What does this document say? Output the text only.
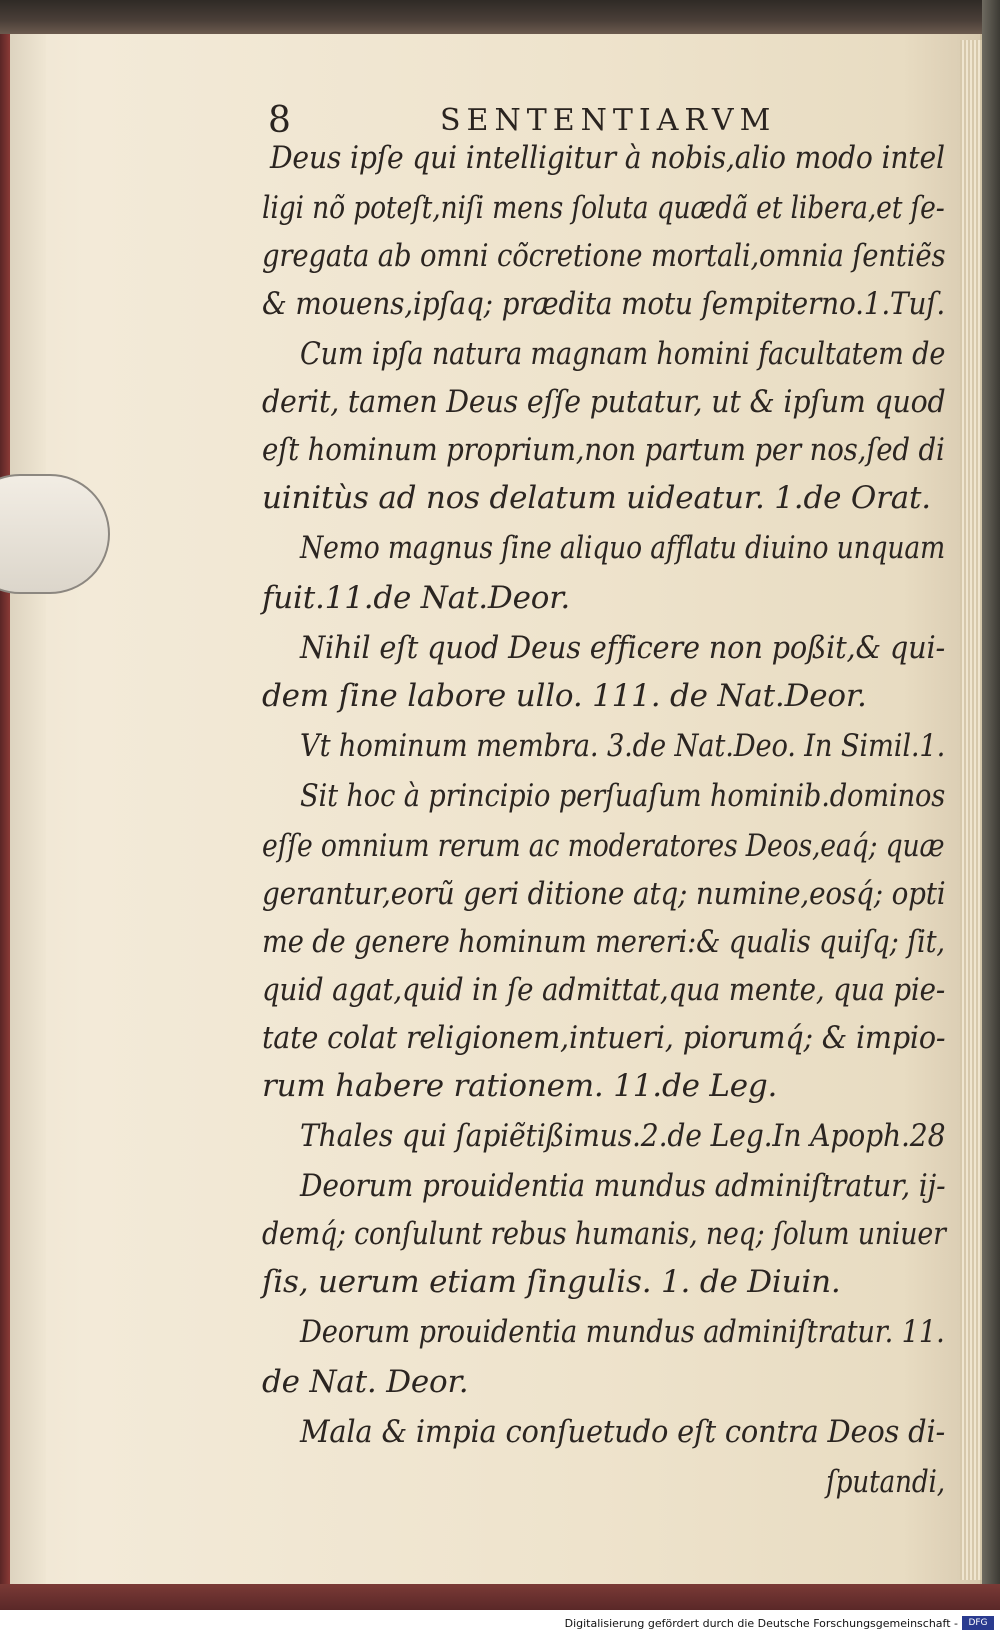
8	SENTENTIARVM
Deus ipſe qui intelligitur à nobis,alio modo intel
ligi nõ poteſt,niſi mens ſoluta quædã et libera,et ſe-
gregata ab omni cõcretione mortali,omnia ſentiẽs
& mouens,ipſaq; prædita motu ſempiterno.1.Tuſ.
Cum ipſa natura magnam homini facultatem de
derit, tamen Deus eſſe putatur, ut & ipſum quod
eſt hominum proprium,non partum per nos,ſed di
uinitùs ad nos delatum uideatur. 1.de Orat.
Nemo magnus ſine aliquo afflatu diuino unquam
fuit.11.de Nat.Deor.
Nihil eſt quod Deus efficere non poßit,& qui-
dem ſine labore ullo. 111. de Nat.Deor.
Vt hominum membra. 3.de Nat.Deo. In Simil.1.
Sit hoc à principio perſuaſum hominib.dominos
eſſe omnium rerum ac moderatores Deos,eaq́; quæ
gerantur,eorũ geri ditione atq; numine,eosq́; opti
me de genere hominum mereri:& qualis quiſq; ſit,
quid agat,quid in ſe admittat,qua mente, qua pie-
tate colat religionem,intueri, piorumq́; & impio-
rum habere rationem. 11.de Leg.
Thales qui ſapiẽtißimus.2.de Leg.In Apoph.28
Deorum prouidentia mundus adminiſtratur, ij-
demq́; conſulunt rebus humanis, neq; ſolum uniuer
ſis, uerum etiam ſingulis. 1. de Diuin.
Deorum prouidentia mundus adminiſtratur. 11.
de Nat. Deor.
Mala & impia conſuetudo eſt contra Deos di-
ſputandi,
Digitalisierung gefördert durch die Deutsche Forschungsgemeinschaft -	DFG
